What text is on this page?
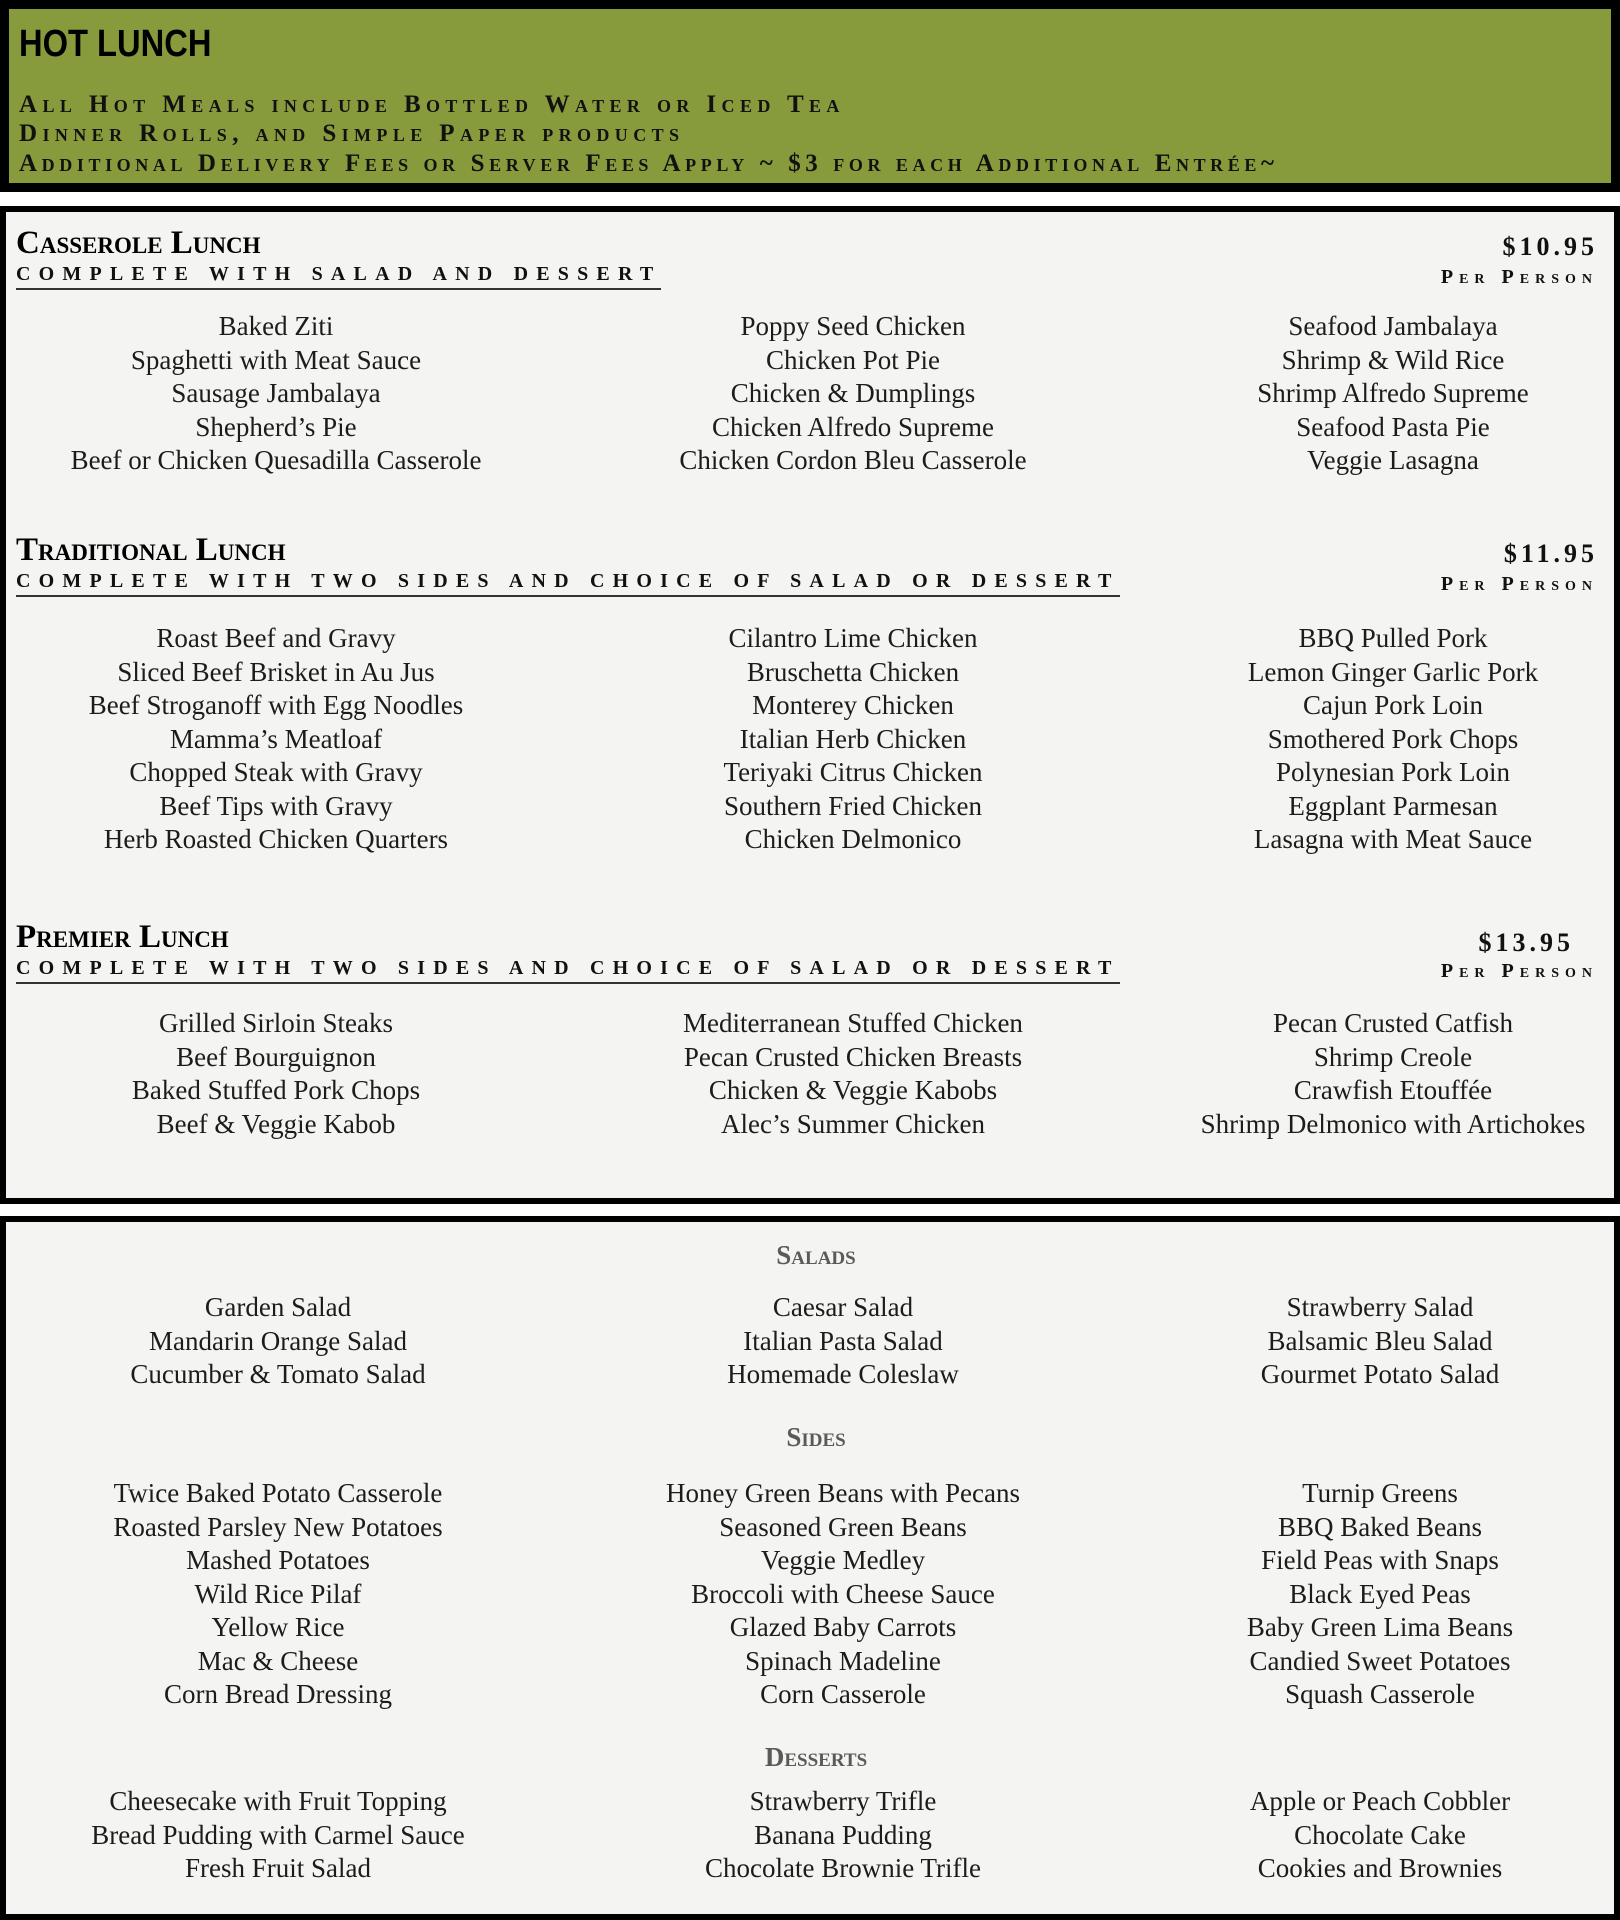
HOT LUNCH
All Hot Meals include Bottled Water or Iced Tea
Dinner Rolls, and Simple Paper products
Additional Delivery Fees or Server Fees Apply ~ $3 for each Additional Entrée~
Casserole Lunch
COMPLETE WITH SALAD AND DESSERT
$10.95
Per Person
Baked Ziti
Spaghetti with Meat Sauce
Sausage Jambalaya
Shepherd’s Pie
Beef or Chicken Quesadilla Casserole
Poppy Seed Chicken
Chicken Pot Pie
Chicken & Dumplings
Chicken Alfredo Supreme
Chicken Cordon Bleu Casserole
Seafood Jambalaya
Shrimp & Wild Rice
Shrimp Alfredo Supreme
Seafood Pasta Pie
Veggie Lasagna
Traditional Lunch
COMPLETE WITH TWO SIDES AND CHOICE OF SALAD OR DESSERT
$11.95
Per Person
Roast Beef and Gravy
Sliced Beef Brisket in Au Jus
Beef Stroganoff with Egg Noodles
Mamma’s Meatloaf
Chopped Steak with Gravy
Beef Tips with Gravy
Herb Roasted Chicken Quarters
Cilantro Lime Chicken
Bruschetta Chicken
Monterey Chicken
Italian Herb Chicken
Teriyaki Citrus Chicken
Southern Fried Chicken
Chicken Delmonico
BBQ Pulled Pork
Lemon Ginger Garlic Pork
Cajun Pork Loin
Smothered Pork Chops
Polynesian Pork Loin
Eggplant Parmesan
Lasagna with Meat Sauce
Premier Lunch
COMPLETE WITH TWO SIDES AND CHOICE OF SALAD OR DESSERT
$13.95
Per Person
Grilled Sirloin Steaks
Beef Bourguignon
Baked Stuffed Pork Chops
Beef & Veggie Kabob
Mediterranean Stuffed Chicken
Pecan Crusted Chicken Breasts
Chicken & Veggie Kabobs
Alec’s Summer Chicken
Pecan Crusted Catfish
Shrimp Creole
Crawfish Etouffée
Shrimp Delmonico with Artichokes
Salads
Garden Salad
Mandarin Orange Salad
Cucumber & Tomato Salad
Caesar Salad
Italian Pasta Salad
Homemade Coleslaw
Strawberry Salad
Balsamic Bleu Salad
Gourmet Potato Salad
Sides
Twice Baked Potato Casserole
Roasted Parsley New Potatoes
Mashed Potatoes
Wild Rice Pilaf
Yellow Rice
Mac & Cheese
Corn Bread Dressing
Honey Green Beans with Pecans
Seasoned Green Beans
Veggie Medley
Broccoli with Cheese Sauce
Glazed Baby Carrots
Spinach Madeline
Corn Casserole
Turnip Greens
BBQ Baked Beans
Field Peas with Snaps
Black Eyed Peas
Baby Green Lima Beans
Candied Sweet Potatoes
Squash Casserole
Desserts
Cheesecake with Fruit Topping
Bread Pudding with Carmel Sauce
Fresh Fruit Salad
Strawberry Trifle
Banana Pudding
Chocolate Brownie Trifle
Apple or Peach Cobbler
Chocolate Cake
Cookies and Brownies
